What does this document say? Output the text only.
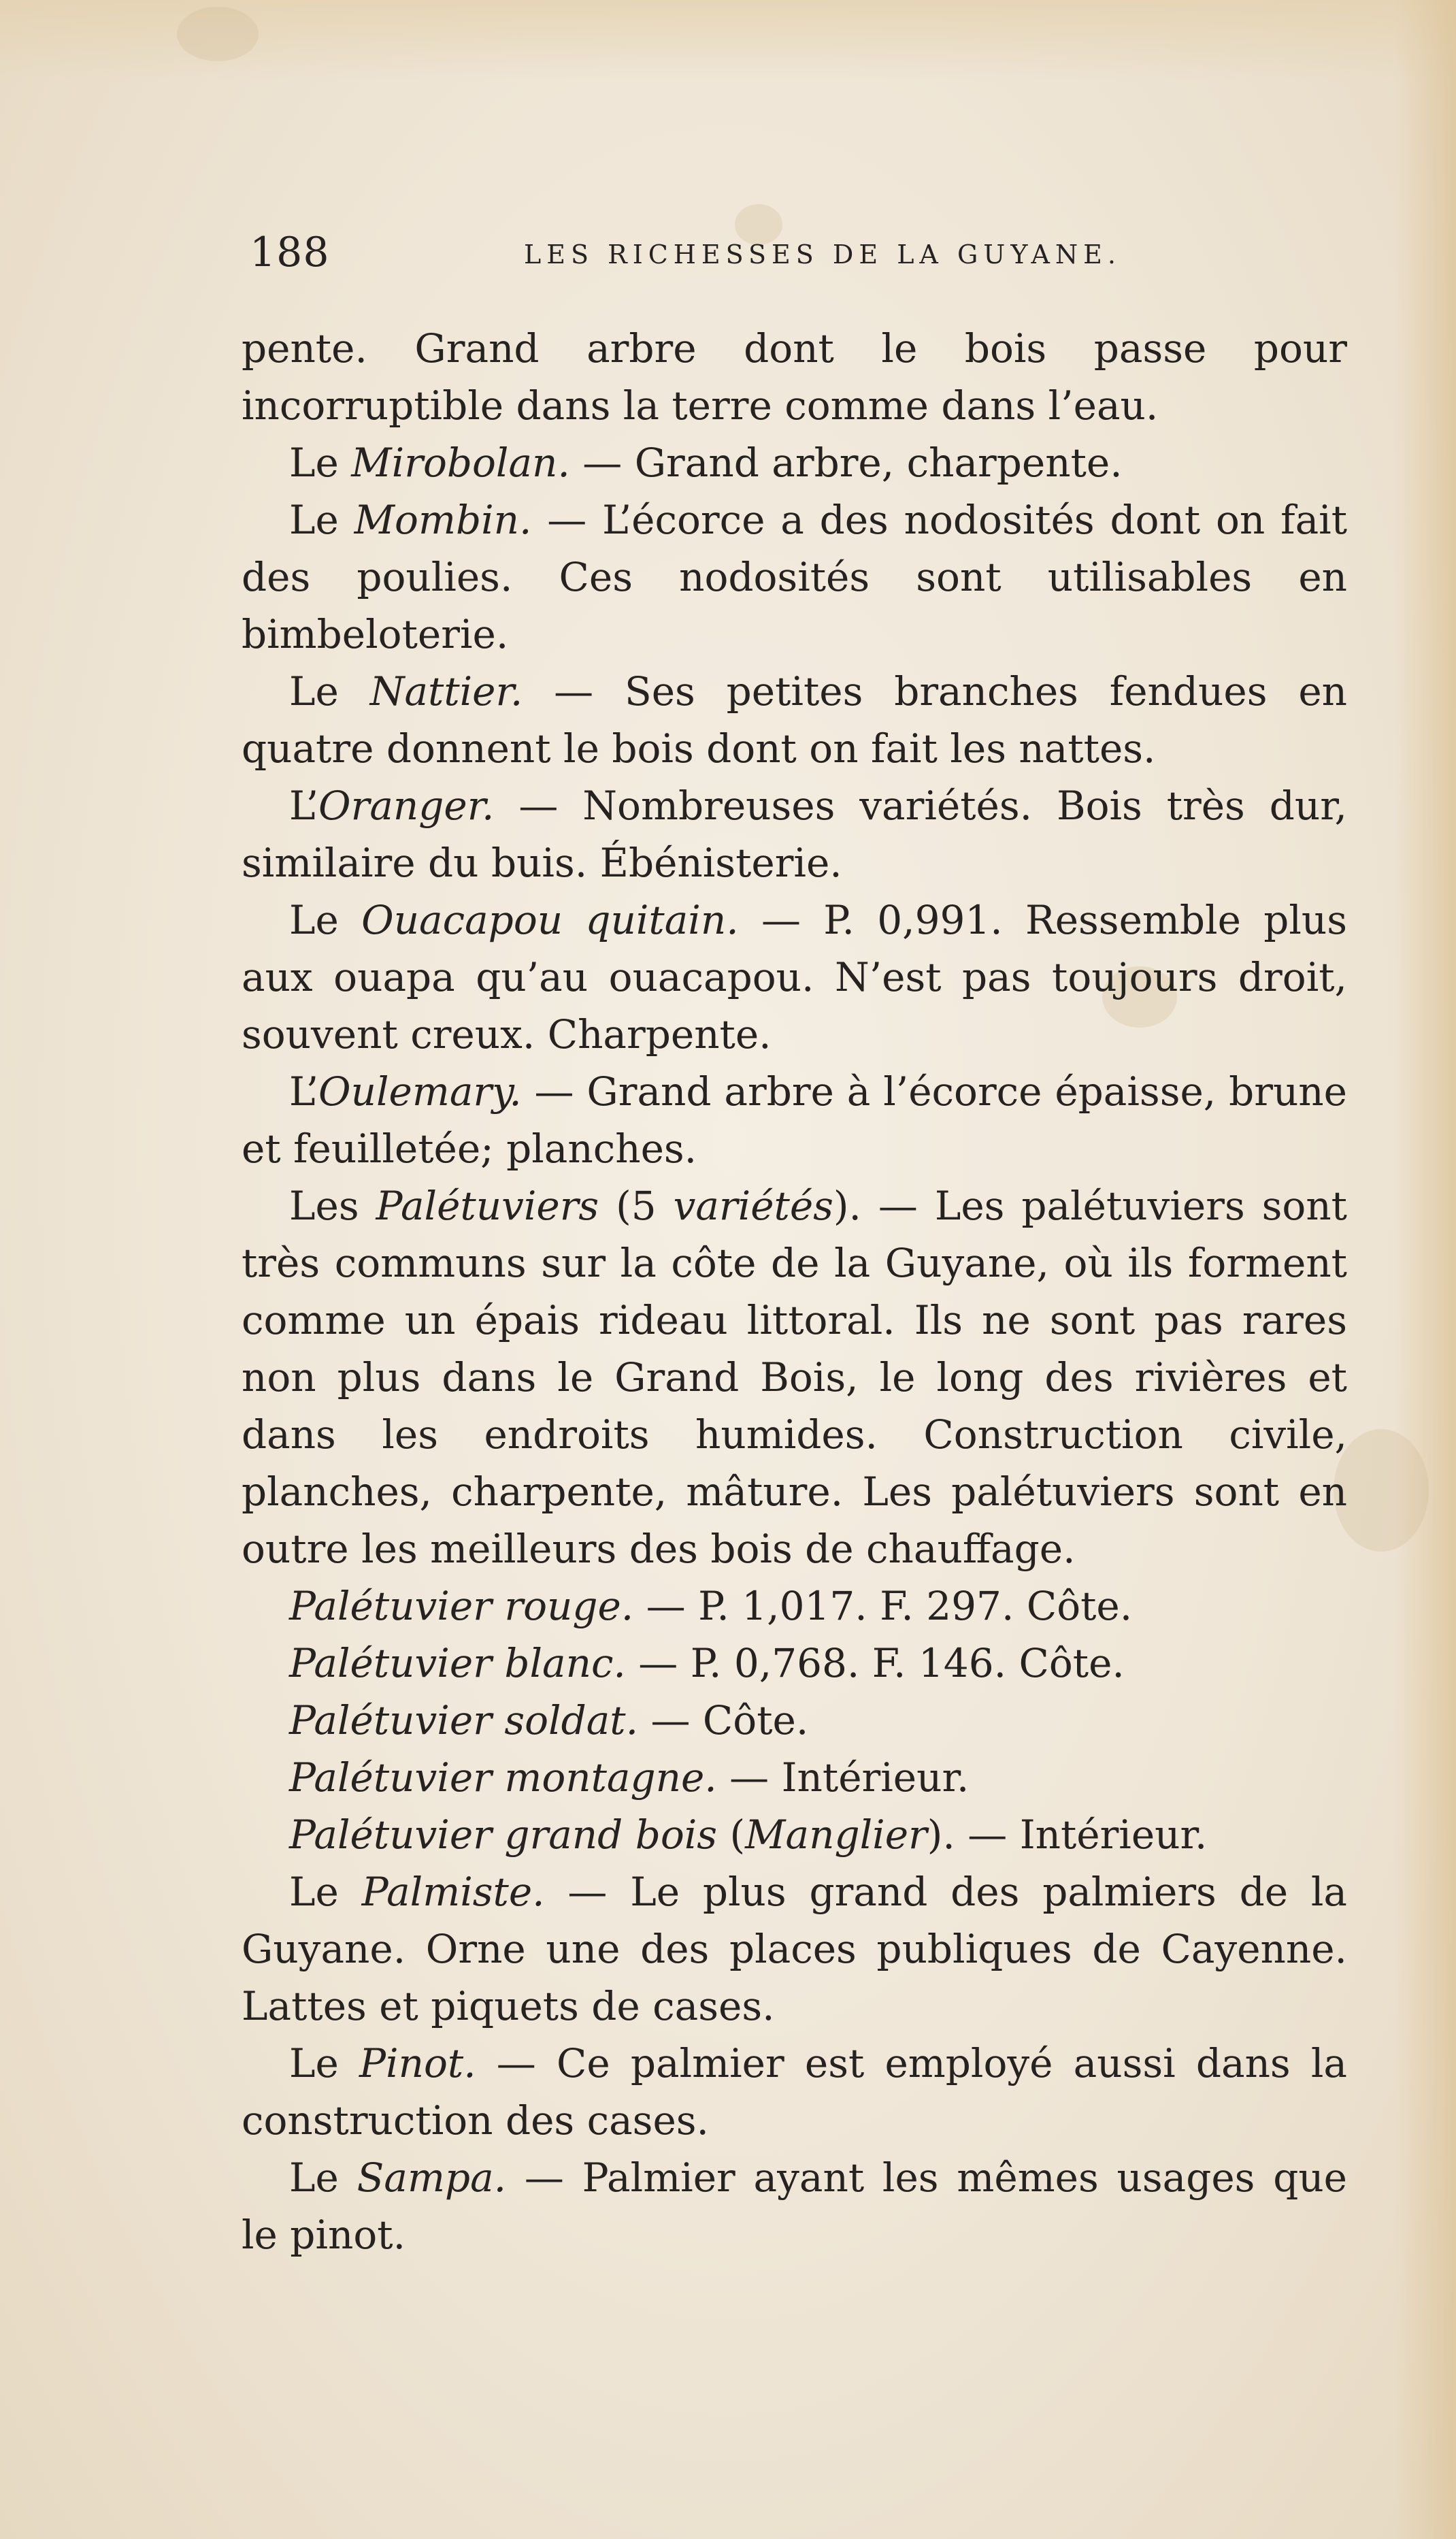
188	LES RICHESSES DE LA GUYANE.

pente. Grand arbre dont le bois passe pour incorruptible dans la terre comme dans l’eau.

Le Mirobolan. — Grand arbre, charpente.

Le Mombin. — L’écorce a des nodosités dont on fait des poulies. Ces nodosités sont utilisables en bimbeloterie.

Le Nattier. — Ses petites branches fendues en quatre donnent le bois dont on fait les nattes.

L’Oranger. — Nombreuses variétés. Bois très dur, similaire du buis. Ébénisterie.

Le Ouacapou quitain. — P. 0,991. Ressemble plus aux ouapa qu’au ouacapou. N’est pas toujours droit, souvent creux. Charpente.

L’Oulemary. — Grand arbre à l’écorce épaisse, brune et feuilletée; planches.

Les Palétuviers (5 variétés). — Les palétuviers sont très communs sur la côte de la Guyane, où ils forment comme un épais rideau littoral. Ils ne sont pas rares non plus dans le Grand Bois, le long des rivières et dans les endroits humides. Construction civile, planches, charpente, mâture. Les palétuviers sont en outre les meilleurs des bois de chauffage.

Palétuvier rouge. — P. 1,017. F. 297. Côte.

Palétuvier blanc. — P. 0,768. F. 146. Côte.

Palétuvier soldat. — Côte.

Palétuvier montagne. — Intérieur.

Palétuvier grand bois (Manglier). — Intérieur.

Le Palmiste. — Le plus grand des palmiers de la Guyane. Orne une des places publiques de Cayenne. Lattes et piquets de cases.

Le Pinot. — Ce palmier est employé aussi dans la construction des cases.

Le Sampa. — Palmier ayant les mêmes usages que le pinot.
